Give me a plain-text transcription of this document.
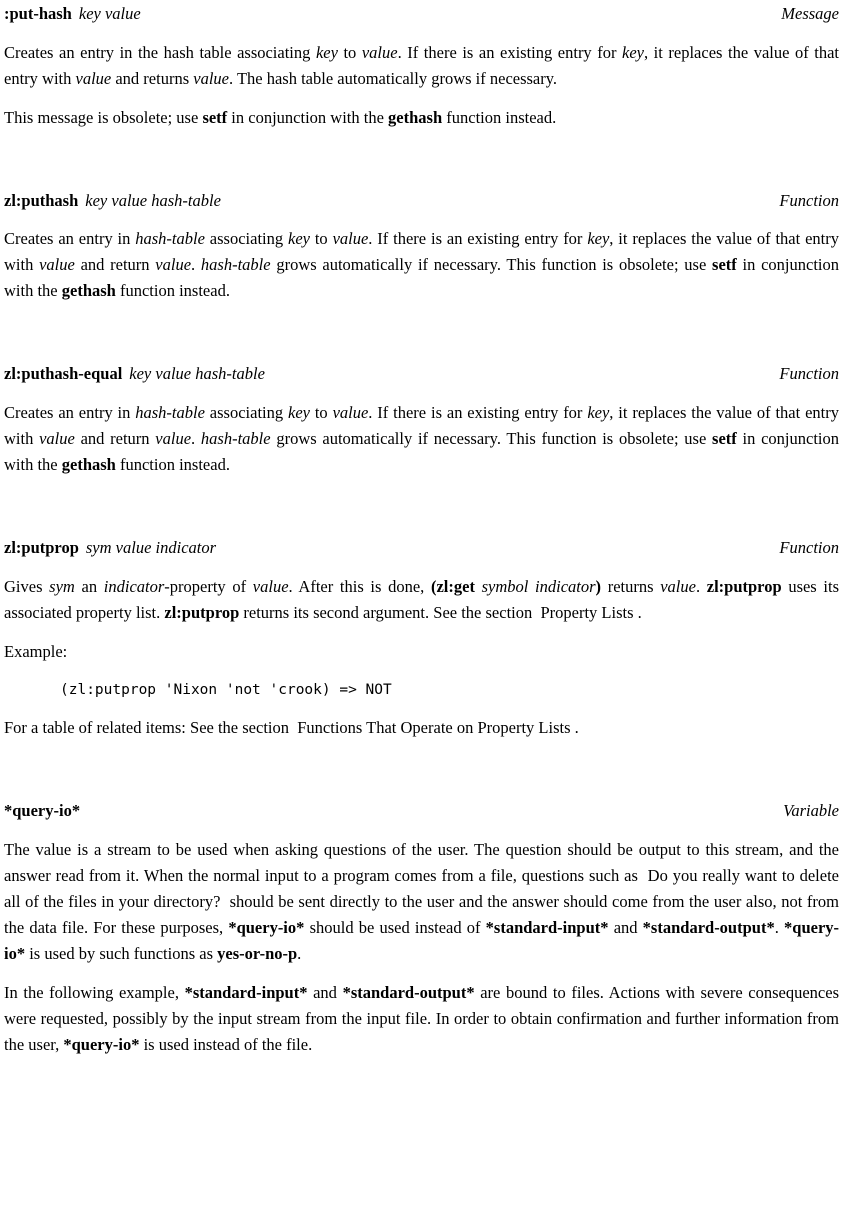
:put-hash key value	Message

Creates an entry in the hash table associating key to value. If there is an existing entry for key, it replaces the value of that entry with value and returns value. The hash table automatically grows if necessary.

This message is obsolete; use setf in conjunction with the gethash function instead.

zl:puthash key value hash-table	Function

Creates an entry in hash-table associating key to value. If there is an existing entry for key, it replaces the value of that entry with value and return value. hash-table grows automatically if necessary. This function is obsolete; use setf in conjunction with the gethash function instead.

zl:puthash-equal key value hash-table	Function

Creates an entry in hash-table associating key to value. If there is an existing entry for key, it replaces the value of that entry with value and return value. hash-table grows automatically if necessary. This function is obsolete; use setf in conjunction with the gethash function instead.

zl:putprop sym value indicator	Function

Gives sym an indicator-property of value. After this is done, (zl:get symbol indicator) returns value. zl:putprop uses its associated property list. zl:putprop returns its second argument. See the section  Property Lists .

Example:

(zl:putprop 'Nixon 'not 'crook) => NOT

For a table of related items: See the section  Functions That Operate on Property Lists .

*query-io*	Variable

The value is a stream to be used when asking questions of the user. The question should be output to this stream, and the answer read from it. When the normal input to a program comes from a file, questions such as  Do you really want to delete all of the files in your directory?  should be sent directly to the user and the answer should come from the user also, not from the data file. For these purposes, *query-io* should be used instead of *standard-input* and *standard-output*. *query-io* is used by such functions as yes-or-no-p.

In the following example, *standard-input* and *standard-output* are bound to files. Actions with severe consequences were requested, possibly by the input stream from the input file. In order to obtain confirmation and further information from the user, *query-io* is used instead of the file.
